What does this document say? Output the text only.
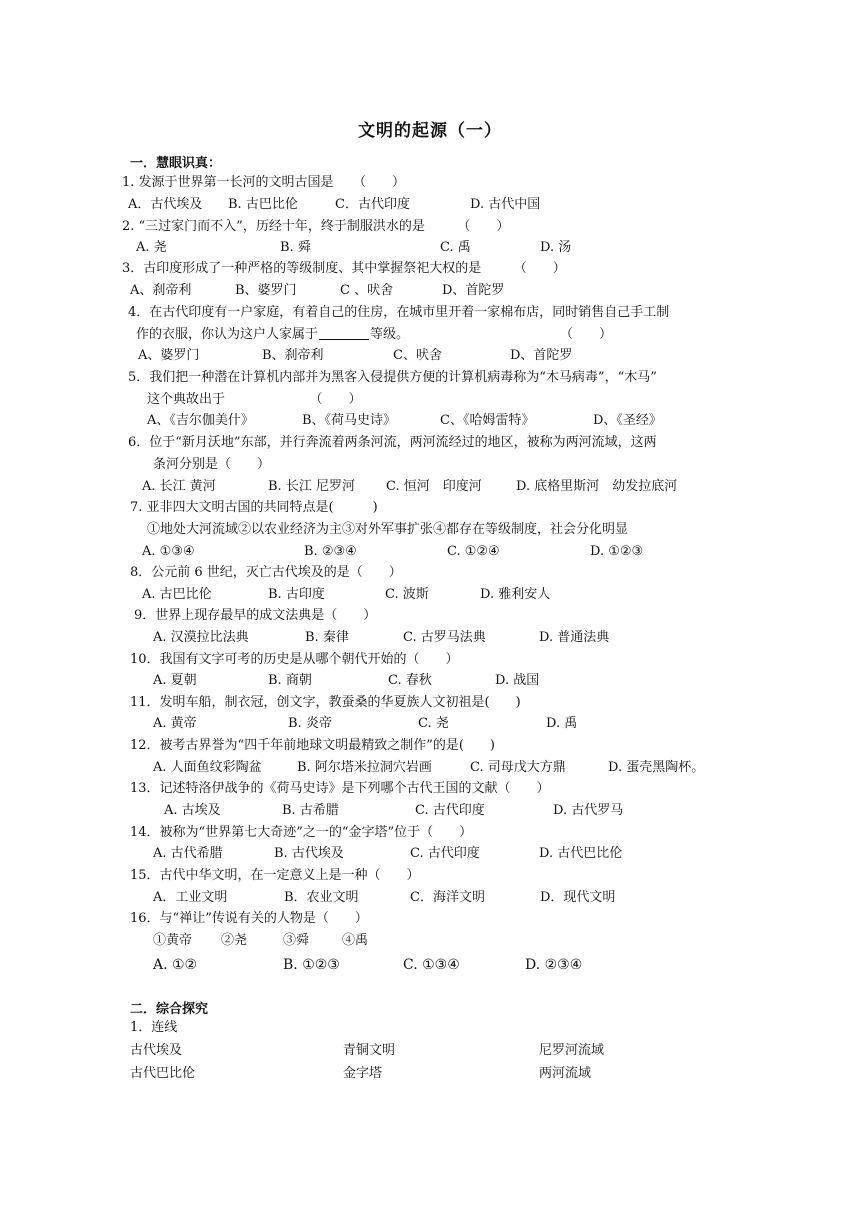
文明的起源（一）
一．慧眼识真：
1. 发源于世界第一长河的文明古国是　　（　　）
A．古代埃及 B. 古巴比伦	C．古代印度	D. 古代中国
2. “三过家门而不入”，历经十年，终于制服洪水的是　　　（　　）
A. 尧	B. 舜	C. 禹	D. 汤
3．古印度形成了一种严格的等级制度、其中掌握祭祀大权的是　　　（　　）
A、刹帝利	B、婆罗门	C 、吠舍	D、首陀罗
4．在古代印度有一户家庭，有着自己的住房，在城市里开着一家棉布店，同时销售自己手工制
作的衣服，你认为这户人家属于	等级。	（　　）
A、婆罗门	B、刹帝利	C、吠舍	D、首陀罗
5．我们把一种潜在计算机内部并为黑客入侵提供方便的计算机病毒称为“木马病毒”，“木马”
这个典故出于　　　　　　　（　　）
A、《吉尔伽美什》	B、《荷马史诗》	C、《哈姆雷特》	D、《圣经》
6．位于“新月沃地”东部，并行奔流着两条河流，两河流经过的地区，被称为两河流域，这两
条河分别是（　　）
A. 长江 黄河	B. 长江 尼罗河 C. 恒河　印度河	D. 底格里斯河　幼发拉底河
7. 亚非四大文明古国的共同特点是(　　　)
①地处大河流域②以农业经济为主③对外军事扩张④都存在等级制度，社会分化明显
A. ①③④	B. ②③④	C. ①②④	D. ①②③
8．公元前 6 世纪，灭亡古代埃及的是（　　）
A. 古巴比伦	B. 古印度	C. 波斯	D. 雅利安人
9．世界上现存最早的成文法典是（　　）
A. 汉漠拉比法典	B. 秦律	C. 古罗马法典	D. 普通法典
10．我国有文字可考的历史是从哪个朝代开始的（　　）
A. 夏朝	B. 商朝	C. 春秋	D. 战国
11．发明车船，制衣冠，创文字，教蚕桑的华夏族人文初祖是(　　)
A. 黄帝	B. 炎帝	C. 尧	D. 禹
12．被考古界誉为“四千年前地球文明最精致之制作”的是(　　)
A. 人面鱼纹彩陶盆	B. 阿尔塔米拉洞穴岩画	C. 司母戊大方鼎	D. 蛋壳黑陶杯。
13．记述特洛伊战争的《荷马史诗》是下列哪个古代王国的文献（　　）
A. 古埃及	B. 古希腊	C. 古代印度	D. 古代罗马
14．被称为“世界第七大奇迹”之一的“金字塔”位于（　　）
A. 古代希腊	B. 古代埃及	C. 古代印度	D. 古代巴比伦
15．古代中华文明，在一定意义上是一种（　　）
A．工业文明	B．农业文明	C．海洋文明	D．现代文明
16．与“禅让”传说有关的人物是（　　）
①黄帝 ②尧	③舜	④禹
A. ①②	B. ①②③	C. ①③④	D. ②③④
二．综合探究
1．连线
古代埃及	青铜文明	尼罗河流域
古代巴比伦	金字塔	两河流域
